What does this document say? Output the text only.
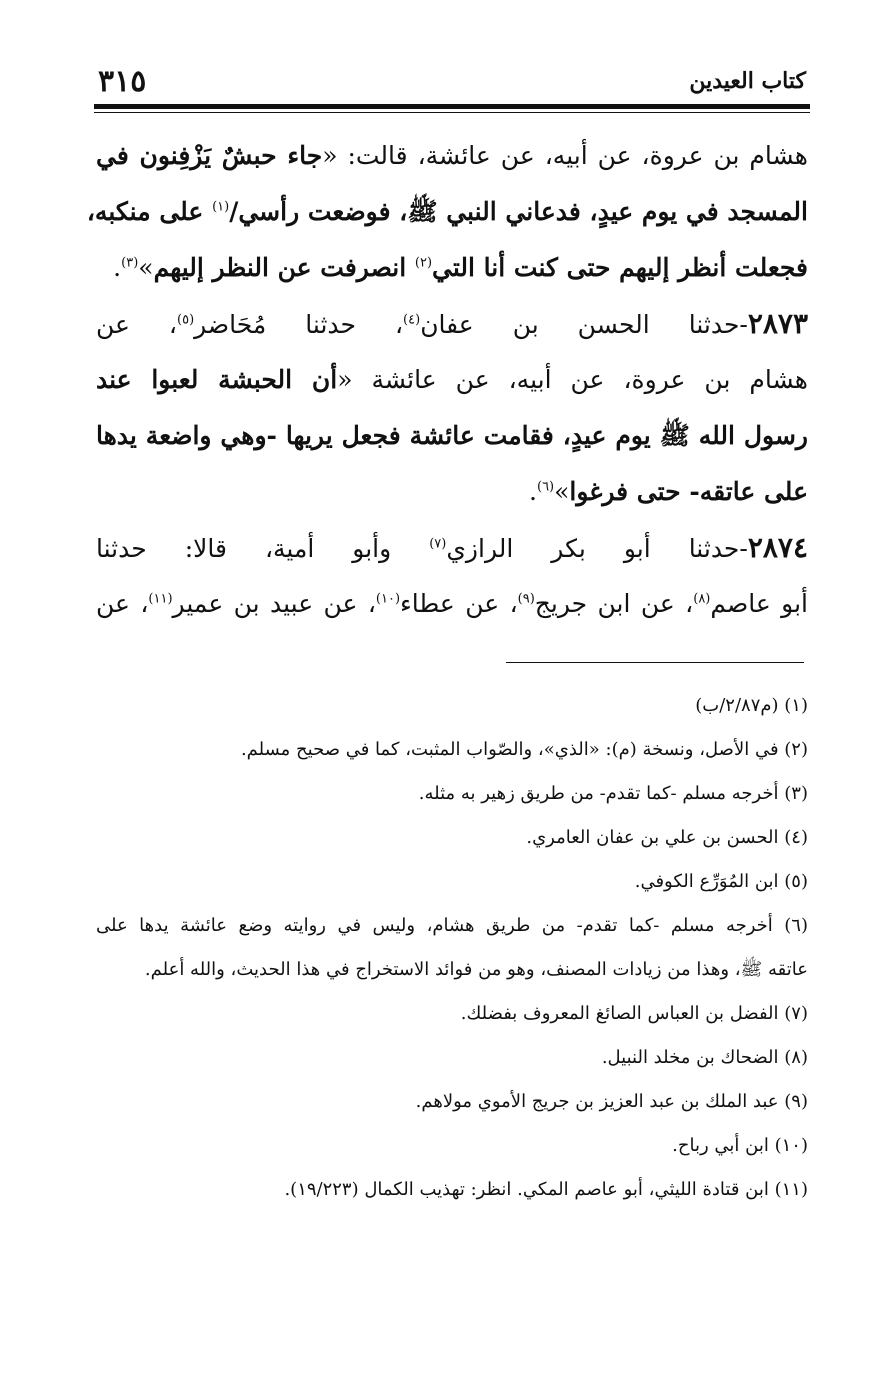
كتاب العيدين
٣١٥
هشام بن عروة، عن أبيه، عن عائشة، قالت: «جاء حبشٌ يَزْفِنون في
المسجد في يوم عيدٍ، فدعاني النبي ﷺ، فوضعت رأسي/$^{(١)}$ على منكبه،
فجعلت أنظر إليهم حتى كنت أنا التي$^{(٢)}$ انصرفت عن النظر إليهم»$^{(٣)}$.
٢٨٧٣-حدثنا الحسن بن عفان$^{(٤)}$، حدثنا مُحَاضر$^{(٥)}$، عن
هشام بن عروة، عن أبيه، عن عائشة «أن الحبشة لعبوا عند
رسول الله ﷺ يوم عيدٍ، فقامت عائشة فجعل يريها -وهي واضعة يدها
على عاتقه- حتى فرغوا»$^{(٦)}$.
٢٨٧٤-حدثنا أبو بكر الرازي$^{(٧)}$ وأبو أمية، قالا: حدثنا
أبو عاصم$^{(٨)}$، عن ابن جريج$^{(٩)}$، عن عطاء$^{(١٠)}$، عن عبيد بن عمير$^{(١١)}$، عن
(١) (م٢/٨٧/ب)
(٢) في الأصل، ونسخة (م): «الذي»، والصّواب المثبت، كما في صحيح مسلم.
(٣) أخرجه مسلم -كما تقدم- من طريق زهير به مثله.
(٤) الحسن بن علي بن عفان العامري.
(٥) ابن المُوَرِّع الكوفي.
(٦) أخرجه مسلم -كما تقدم- من طريق هشام، وليس في روايته وضع عائشة يدها على
عاتقه ﷺ، وهذا من زيادات المصنف، وهو من فوائد الاستخراج في هذا الحديث، والله أعلم.
(٧) الفضل بن العباس الصائغ المعروف بفضلك.
(٨) الضحاك بن مخلد النبيل.
(٩) عبد الملك بن عبد العزيز بن جريج الأموي مولاهم.
(١٠) ابن أبي رباح.
(١١) ابن قتادة الليثي، أبو عاصم المكي. انظر: تهذيب الكمال (١٩/٢٢٣).
